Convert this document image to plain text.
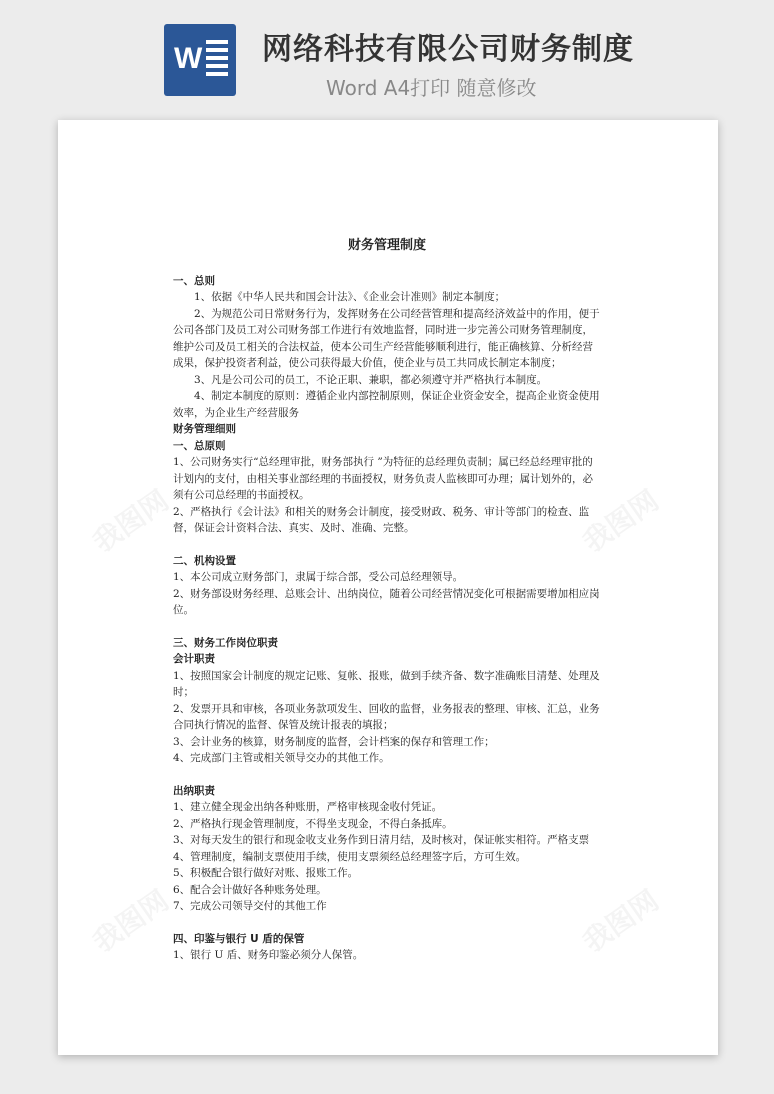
W 网络科技有限公司财务制度
Word A4打印 随意修改
我图网	我图网
我图网	我图网
财务管理制度
一、总则
1、依据《中华人民共和国会计法》、《企业会计准则》制定本制度；
2、为规范公司日常财务行为，发挥财务在公司经营管理和提高经济效益中的作用，便于公司各部门及员工对公司财务部工作进行有效地监督，同时进一步完善公司财务管理制度，维护公司及员工相关的合法权益，使本公司生产经营能够顺利进行，能正确核算、分析经营成果，保护投资者利益，使公司获得最大价值，使企业与员工共同成长制定本制度；
3、凡是公司公司的员工，不论正职、兼职，都必须遵守并严格执行本制度。
4、制定本制度的原则：遵循企业内部控制原则，保证企业资金安全，提高企业资金使用效率，为企业生产经营服务
财务管理细则
一、总原则
1、公司财务实行“总经理审批，财务部执行 ”为特征的总经理负责制；属已经总经理审批的计划内的支付，由相关事业部经理的书面授权，财务负责人监核即可办理；属计划外的，必须有公司总经理的书面授权。
2、严格执行《会计法》和相关的财务会计制度，接受财政、税务、审计等部门的检查、监督，保证会计资料合法、真实、及时、准确、完整。
二、机构设置
1、本公司成立财务部门，隶属于综合部，受公司总经理领导。
2、财务部设财务经理、总账会计、出纳岗位，随着公司经营情况变化可根据需要增加相应岗位。
三、财务工作岗位职责
会计职责
1、按照国家会计制度的规定记账、复帐、报账，做到手续齐备、数字准确账目清楚、处理及时；
2、发票开具和审核，各项业务款项发生、回收的监督，业务报表的整理、审核、汇总，业务合同执行情况的监督、保管及统计报表的填报；
3、会计业务的核算，财务制度的监督，会计档案的保存和管理工作；
4、完成部门主管或相关领导交办的其他工作。
出纳职责
1、建立健全现金出纳各种账册，严格审核现金收付凭证。
2、严格执行现金管理制度，不得坐支现金，不得白条抵库。
3、对每天发生的银行和现金收支业务作到日清月结，及时核对，保证帐实相符。严格支票
4、管理制度，编制支票使用手续，使用支票须经总经理签字后，方可生效。
5、积极配合银行做好对账、报账工作。
6、配合会计做好各种账务处理。
7、完成公司领导交付的其他工作
四、印鉴与银行 U 盾的保管
1、银行 U 盾、财务印鉴必须分人保管。
